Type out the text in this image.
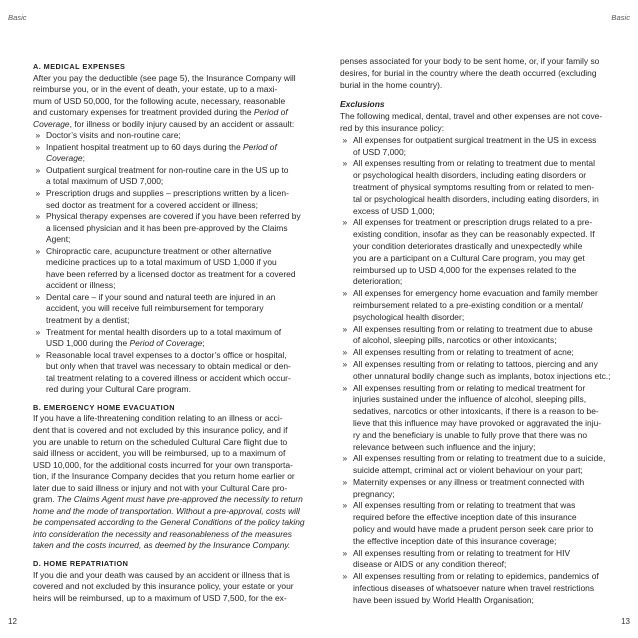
Basic	Basic
A. MEDICAL EXPENSES
After you pay the deductible (see page 5), the Insurance Company will
reimburse you, or in the event of death, your estate, up to a maxi-
mum of USD 50,000, for the following acute, necessary, reasonable
and customary expenses for treatment provided during the Period of
Coverage, for illness or bodily injury caused by an accident or assault:
» Doctor’s visits and non-routine care;
» Inpatient hospital treatment up to 60 days during the Period of
Coverage;
» Outpatient surgical treatment for non-routine care in the US up to
a total maximum of USD 7,000;
» Prescription drugs and supplies – prescriptions written by a licen-
sed doctor as treatment for a covered accident or illness;
» Physical therapy expenses are covered if you have been referred by
a licensed physician and it has been pre-approved by the Claims
Agent;
» Chiropractic care, acupuncture treatment or other alternative
medicine practices up to a total maximum of USD 1,000 if you
have been referred by a licensed doctor as treatment for a covered
accident or illness;
» Dental care – if your sound and natural teeth are injured in an
accident, you will receive full reimbursement for temporary
treatment by a dentist;
» Treatment for mental health disorders up to a total maximum of
USD 1,000 during the Period of Coverage;
» Reasonable local travel expenses to a doctor’s office or hospital,
but only when that travel was necessary to obtain medical or den-
tal treatment relating to a covered illness or accident which occur-
red during your Cultural Care program.
B. EMERGENCY HOME EVACUATION
If you have a life-threatening condition relating to an illness or acci-
dent that is covered and not excluded by this insurance policy, and if
you are unable to return on the scheduled Cultural Care flight due to
said illness or accident, you will be reimbursed, up to a maximum of
USD 10,000, for the additional costs incurred for your own transporta-
tion, if the Insurance Company decides that you return home earlier or
later due to said illness or injury and not with your Cultural Care pro-
gram. The Claims Agent must have pre-approved the necessity to return
home and the mode of transportation. Without a pre-approval, costs will
be compensated according to the General Conditions of the policy taking
into consideration the necessity and reasonableness of the measures
taken and the costs incurred, as deemed by the Insurance Company.
D. HOME REPATRIATION
If you die and your death was caused by an accident or illness that is
covered and not excluded by this insurance policy, your estate or your
heirs will be reimbursed, up to a maximum of USD 7,500, for the ex-
penses associated for your body to be sent home, or, if your family so
desires, for burial in the country where the death occurred (excluding
burial in the home country).
Exclusions
The following medical, dental, travel and other expenses are not cove-
red by this insurance policy:
» All expenses for outpatient surgical treatment in the US in excess
of USD 7,000;
» All expenses resulting from or relating to treatment due to mental
or psychological health disorders, including eating disorders or
treatment of physical symptoms resulting from or related to men-
tal or psychological health disorders, including eating disorders, in
excess of USD 1,000;
» All expenses for treatment or prescription drugs related to a pre-
existing condition, insofar as they can be reasonably expected. If
your condition deteriorates drastically and unexpectedly while
you are a participant on a Cultural Care program, you may get
reimbursed up to USD 4,000 for the expenses related to the
deterioration;
» All expenses for emergency home evacuation and family member
reimbursement related to a pre-existing condition or a mental/
psychological health disorder;
» All expenses resulting from or relating to treatment due to abuse
of alcohol, sleeping pills, narcotics or other intoxicants;
» All expenses resulting from or relating to treatment of acne;
» All expenses resulting from or relating to tattoos, piercing and any
other unnatural bodily change such as implants, botox injections etc.;
» All expenses resulting from or relating to medical treatment for
injuries sustained under the influence of alcohol, sleeping pills,
sedatives, narcotics or other intoxicants, if there is a reason to be-
lieve that this influence may have provoked or aggravated the inju-
ry and the beneficiary is unable to fully prove that there was no
relevance between such influence and the injury;
» All expenses resulting from or relating to treatment due to a suicide,
suicide attempt, criminal act or violent behaviour on your part;
» Maternity expenses or any illness or treatment connected with
pregnancy;
» All expenses resulting from or relating to treatment that was
required before the effective inception date of this insurance
policy and would have made a prudent person seek care prior to
the effective inception date of this insurance coverage;
» All expenses resulting from or relating to treatment for HIV
disease or AIDS or any condition thereof;
» All expenses resulting from or relating to epidemics, pandemics of
infectious diseases of whatsoever nature when travel restrictions
have been issued by World Health Organisation;
12	13
